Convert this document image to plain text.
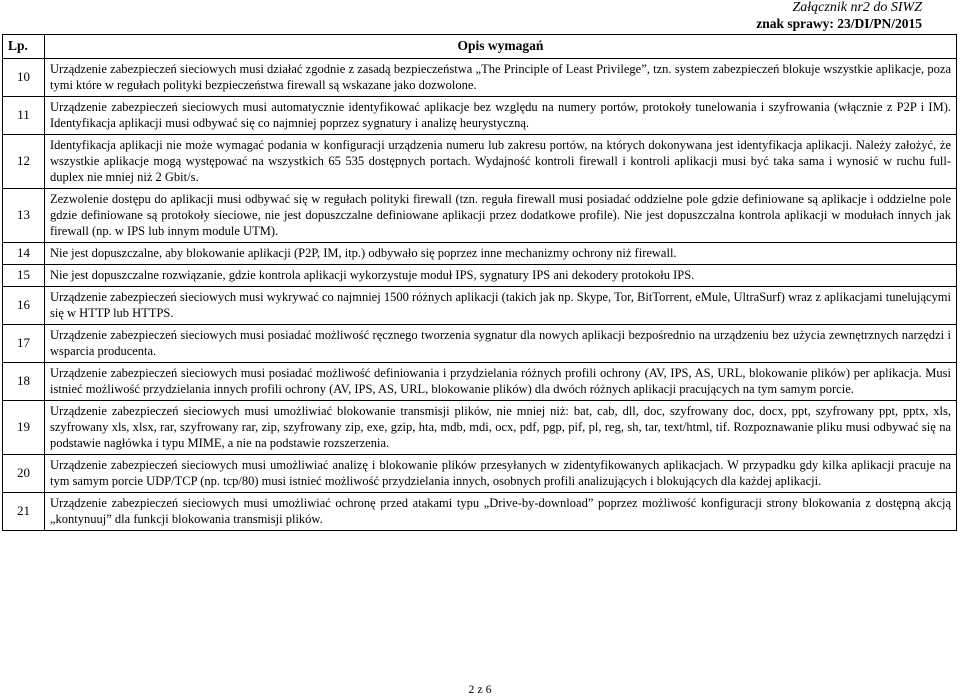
Załącznik nr2 do SIWZ
znak sprawy: 23/DI/PN/2015
Lp.	Opis wymagań
10	Urządzenie zabezpieczeń sieciowych musi działać zgodnie z zasadą bezpieczeństwa „The Principle of Least Privilege”, tzn. system zabezpieczeń blokuje wszystkie aplikacje, poza tymi które w regułach polityki bezpieczeństwa firewall są wskazane jako dozwolone.
11	Urządzenie zabezpieczeń sieciowych musi automatycznie identyfikować aplikacje bez względu na numery portów, protokoły tunelowania i szyfrowania (włącznie z P2P i IM). Identyfikacja aplikacji musi odbywać się co najmniej poprzez sygnatury i analizę heurystyczną.
12	Identyfikacja aplikacji nie może wymagać podania w konfiguracji urządzenia numeru lub zakresu portów, na których dokonywana jest identyfikacja aplikacji. Należy założyć, że wszystkie aplikacje mogą występować na wszystkich 65 535 dostępnych portach. Wydajność kontroli firewall i kontroli aplikacji musi być taka sama i wynosić w ruchu full-duplex nie mniej niż 2 Gbit/s.
13	Zezwolenie dostępu do aplikacji musi odbywać się w regułach polityki firewall (tzn. reguła firewall musi posiadać oddzielne pole gdzie definiowane są aplikacje i oddzielne pole gdzie definiowane są protokoły sieciowe, nie jest dopuszczalne definiowane aplikacji przez dodatkowe profile). Nie jest dopuszczalna kontrola aplikacji w modułach innych jak firewall (np. w IPS lub innym module UTM).
14	Nie jest dopuszczalne, aby blokowanie aplikacji (P2P, IM, itp.) odbywało się poprzez inne mechanizmy ochrony niż firewall.
15	Nie jest dopuszczalne rozwiązanie, gdzie kontrola aplikacji wykorzystuje moduł IPS, sygnatury IPS ani dekodery protokołu IPS.
16	Urządzenie zabezpieczeń sieciowych musi wykrywać co najmniej 1500 różnych aplikacji (takich jak np. Skype, Tor, BitTorrent, eMule, UltraSurf) wraz z aplikacjami tunelującymi się w HTTP lub HTTPS.
17	Urządzenie zabezpieczeń sieciowych musi posiadać możliwość ręcznego tworzenia sygnatur dla nowych aplikacji bezpośrednio na urządzeniu bez użycia zewnętrznych narzędzi i wsparcia producenta.
18	Urządzenie zabezpieczeń sieciowych musi posiadać możliwość definiowania i przydzielania różnych profili ochrony (AV, IPS, AS, URL, blokowanie plików) per aplikacja. Musi istnieć możliwość przydzielania innych profili ochrony (AV, IPS, AS, URL, blokowanie plików) dla dwóch różnych aplikacji pracujących na tym samym porcie.
19	Urządzenie zabezpieczeń sieciowych musi umożliwiać blokowanie transmisji plików, nie mniej niż: bat, cab, dll, doc, szyfrowany doc, docx, ppt, szyfrowany ppt, pptx, xls, szyfrowany xls, xlsx, rar, szyfrowany rar, zip, szyfrowany zip, exe, gzip, hta, mdb, mdi, ocx, pdf, pgp, pif, pl, reg, sh, tar, text/html, tif. Rozpoznawanie pliku musi odbywać się na podstawie nagłówka i typu MIME, a nie na podstawie rozszerzenia.
20	Urządzenie zabezpieczeń sieciowych musi umożliwiać analizę i blokowanie plików przesyłanych w zidentyfikowanych aplikacjach. W przypadku gdy kilka aplikacji pracuje na tym samym porcie UDP/TCP (np. tcp/80) musi istnieć możliwość przydzielania innych, osobnych profili analizujących i blokujących dla każdej aplikacji.
21	Urządzenie zabezpieczeń sieciowych musi umożliwiać ochronę przed atakami typu „Drive-by-download” poprzez możliwość konfiguracji strony blokowania z dostępną akcją „kontynuuj” dla funkcji blokowania transmisji plików.
2 z 6
